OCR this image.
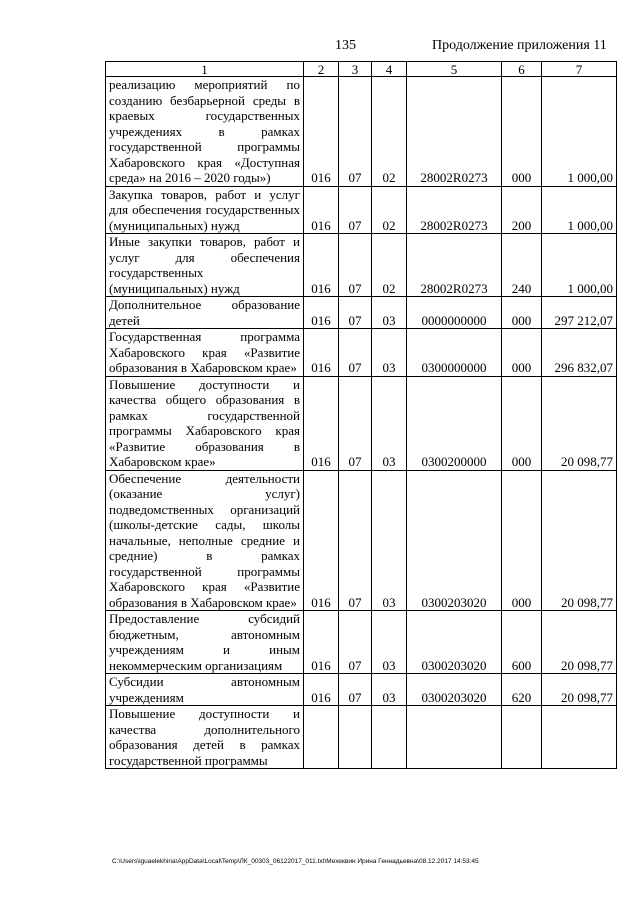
135	Продолжение приложения 11
1	2	3	4	5	6	7
реализацию мероприятий по созданию безбарьерной среды в краевых государственных учреждениях в рамках государственной программы Хабаровского края «Доступная среда» на 2016 – 2020 годы»)	016	07	02	28002R0273	000	1 000,00
Закупка товаров, работ и услуг для обеспечения государственных (муниципальных) нужд	016	07	02	28002R0273	200	1 000,00
Иные закупки товаров, работ и услуг для обеспечения государственных (муниципальных) нужд	016	07	02	28002R0273	240	1 000,00
Дополнительное образование детей	016	07	03	0000000000	000	297 212,07
Государственная программа Хабаровского края «Развитие образования в Хабаровском крае»	016	07	03	0300000000	000	296 832,07
Повышение доступности и качества общего образования в рамках государственной программы Хабаровского края «Развитие образования в Хабаровском крае»	016	07	03	0300200000	000	20 098,77
Обеспечение деятельности (оказание услуг) подведомственных организаций (школы-детские сады, школы начальные, неполные средние и средние) в рамках государственной программы Хабаровского края «Развитие образования в Хабаровском крае»	016	07	03	0300203020	000	20 098,77
Предоставление субсидий бюджетным, автономным учреждениям и иным некоммерческим организациям	016	07	03	0300203020	600	20 098,77
Субсидии автономным учреждениям	016	07	03	0300203020	620	20 098,77
Повышение доступности и качества дополнительного образования детей в рамках государственной программы						
C:\Users\iguaelekhina\AppData\Local\Temp\ЛК_00303_06122017_011.txt\Мехеквин Ирина Геннадьевна\08.12.2017 14:53:45
